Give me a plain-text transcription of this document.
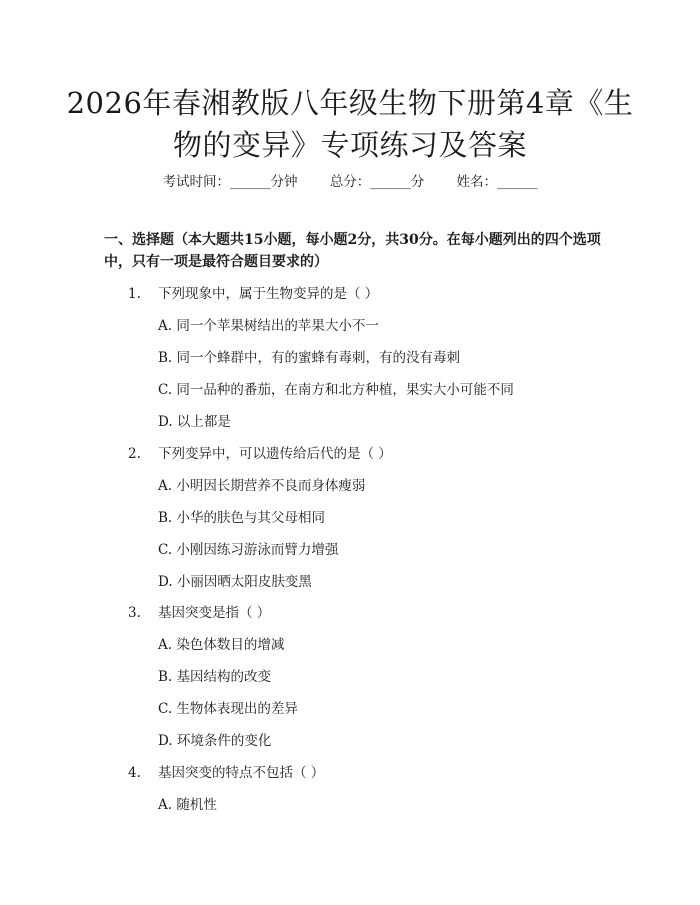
2026年春湘教版八年级生物下册第4章《生
物的变异》专项练习及答案
考试时间：______分钟 总分：______分 姓名：______
一、选择题（本大题共15小题，每小题2分，共30分。在每小题列出的四个选项中，只有一项是最符合题目要求的）
1. 下列现象中，属于生物变异的是（ ）
A. 同一个苹果树结出的苹果大小不一
B. 同一个蜂群中，有的蜜蜂有毒刺，有的没有毒刺
C. 同一品种的番茄，在南方和北方种植，果实大小可能不同
D. 以上都是
2. 下列变异中，可以遗传给后代的是（ ）
A. 小明因长期营养不良而身体瘦弱
B. 小华的肤色与其父母相同
C. 小刚因练习游泳而臂力增强
D. 小丽因晒太阳皮肤变黑
3. 基因突变是指（ ）
A. 染色体数目的增减
B. 基因结构的改变
C. 生物体表现出的差异
D. 环境条件的变化
4. 基因突变的特点不包括（ ）
A. 随机性
